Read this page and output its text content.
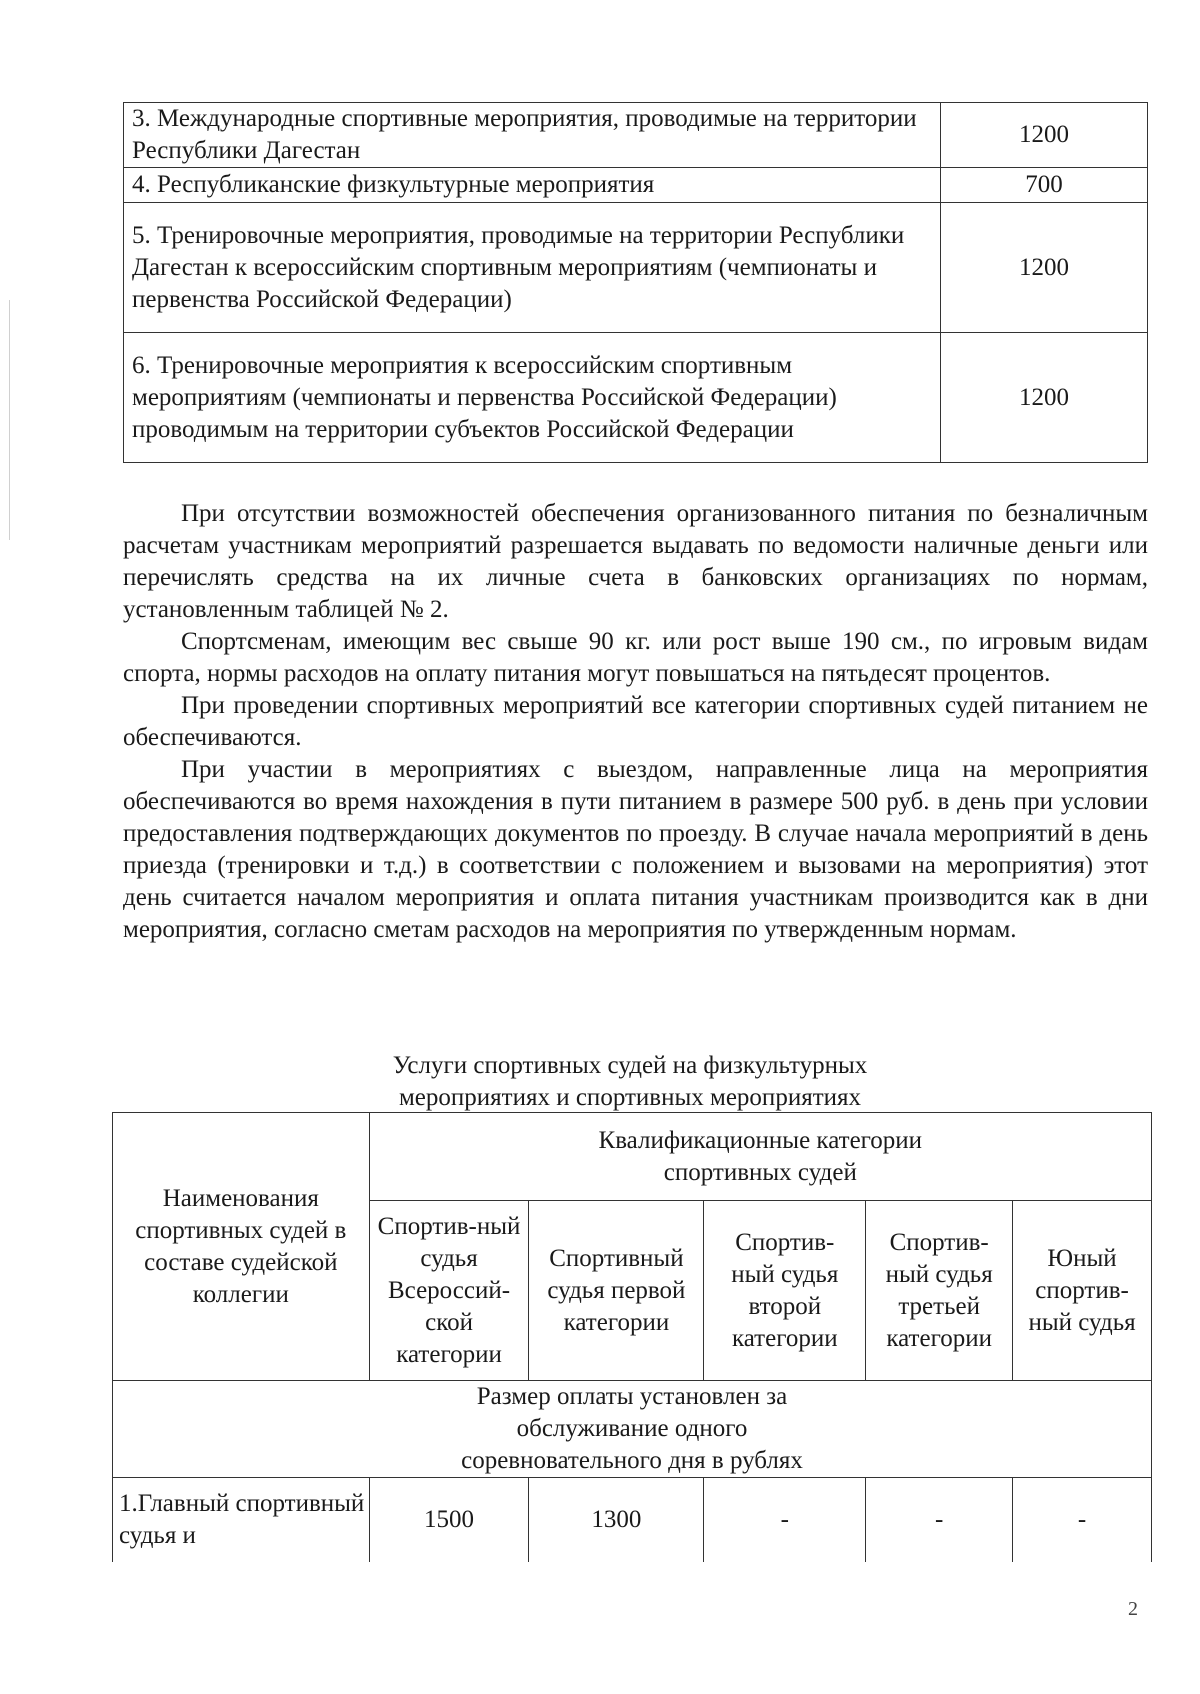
3. Международные спортивные мероприятия, проводимые на территории Республики Дагестан	1200
4. Республиканские физкультурные мероприятия	700
5. Тренировочные мероприятия, проводимые на территории Республики Дагестан к всероссийским спортивным мероприятиям (чемпионаты и первенства Российской Федерации)	1200
6. Тренировочные мероприятия к всероссийским спортивным мероприятиям (чемпионаты и первенства Российской Федерации) проводимым на территории субъектов Российской Федерации	1200

При отсутствии возможностей обеспечения организованного питания по безналичным расчетам участникам мероприятий разрешается выдавать по ведомости наличные деньги или перечислять средства на их личные счета в банковских организациях по нормам, установленным таблицей № 2.

Спортсменам, имеющим вес свыше 90 кг. или рост выше 190 см., по игровым видам спорта, нормы расходов на оплату питания могут повышаться на пятьдесят процентов.

При проведении спортивных мероприятий все категории спортивных судей питанием не обеспечиваются.

При участии в мероприятиях с выездом, направленные лица на мероприятия обеспечиваются во время нахождения в пути питанием в размере 500 руб. в день при условии предоставления подтверждающих документов по проезду. В случае начала мероприятий в день приезда (тренировки и т.д.) в соответствии с положением и вызовами на мероприятия) этот день считается началом мероприятия и оплата питания участникам производится как в дни мероприятия, согласно сметам расходов на мероприятия по утвержденным нормам.

Услуги спортивных судей на физкультурных
мероприятиях и спортивных мероприятиях
Наименования спортивных судей в составе судейской коллегии	Квалификационные категории спортивных судей				
	Спортив-ный судья Всероссий-ской категории	Спортивный судья первой категории	Спортив-ный судья второй категории	Спортив-ный судья третьей категории	Юный спортив-ный судья
Размер оплаты установлен за обслуживание одного соревновательного дня в рублях					
1.Главный спортивный судья и	1500	1300	-	-	-
2
